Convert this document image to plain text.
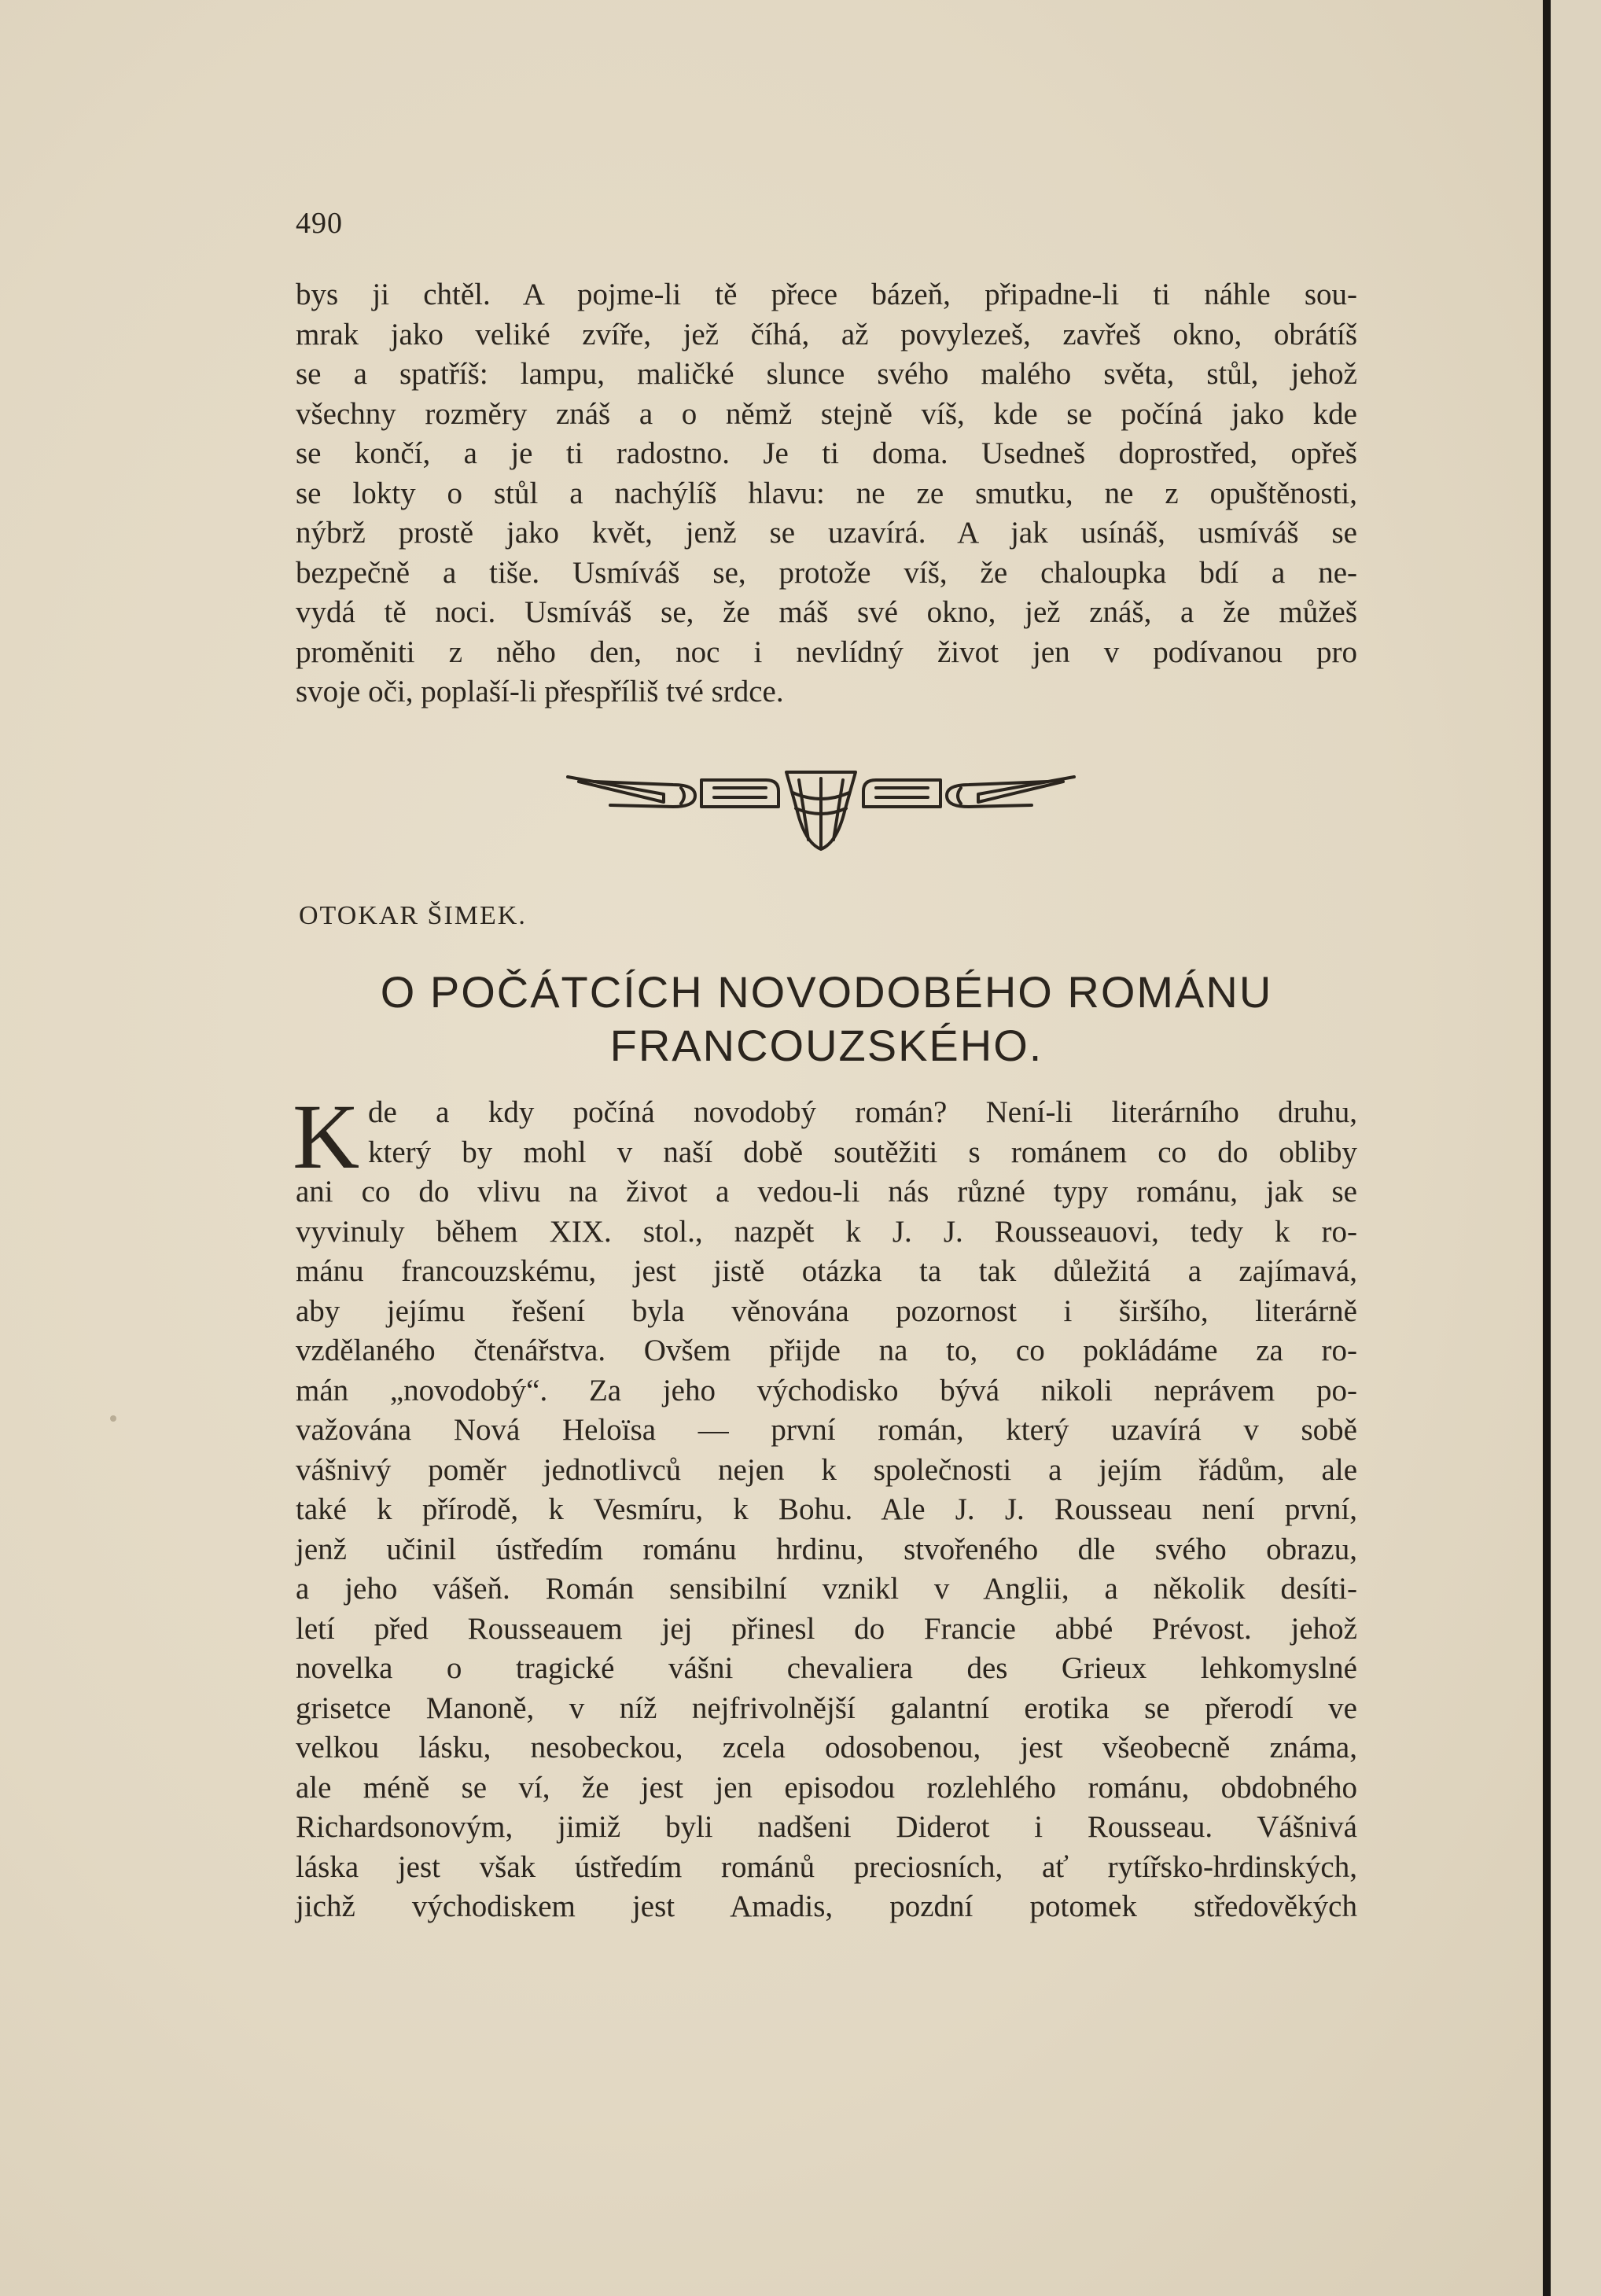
490
bys ji chtěl. A pojme-li tě přece bázeň, připadne-li ti náhle sou-
mrak jako veliké zvíře, jež číhá, až povylezeš, zavřeš okno, obrátíš
se a spatříš: lampu, maličké slunce svého malého světa, stůl, jehož
všechny rozměry znáš a o němž stejně víš, kde se počíná jako kde
se končí, a je ti radostno. Je ti doma. Usedneš doprostřed, opřeš
se lokty o stůl a nachýlíš hlavu: ne ze smutku, ne z opuštěnosti,
nýbrž prostě jako květ, jenž se uzavírá. A jak usínáš, usmíváš se
bezpečně a tiše. Usmíváš se, protože víš, že chaloupka bdí a ne-
vydá tě noci. Usmíváš se, že máš své okno, jež znáš, a že můžeš
proměniti z něho den, noc i nevlídný život jen v podívanou pro
svoje oči, poplaší-li přespříliš tvé srdce.
OTOKAR ŠIMEK.
O POČÁTCÍCH NOVODOBÉHO ROMÁNU
FRANCOUZSKÉHO.
K de a kdy počíná novodobý román? Není-li literárního druhu,
který by mohl v naší době soutěžiti s románem co do obliby
ani co do vlivu na život a vedou-li nás různé typy románu, jak se
vyvinuly během XIX. stol., nazpět k J. J. Rousseauovi, tedy k ro-
mánu francouzskému, jest jistě otázka ta tak důležitá a zajímavá,
aby jejímu řešení byla věnována pozornost i širšího, literárně
vzdělaného čtenářstva. Ovšem přijde na to, co pokládáme za ro-
mán „novodobý“. Za jeho východisko bývá nikoli neprávem po-
važována Nová Heloïsa — první román, který uzavírá v sobě
vášnivý poměr jednotlivců nejen k společnosti a jejím řádům, ale
také k přírodě, k Vesmíru, k Bohu. Ale J. J. Rousseau není první,
jenž učinil ústředím románu hrdinu, stvořeného dle svého obrazu,
a jeho vášeň. Román sensibilní vznikl v Anglii, a několik desíti-
letí před Rousseauem jej přinesl do Francie abbé Prévost. jehož
novelka o tragické vášni chevaliera des Grieux lehkomyslné
grisetce Manoně, v níž nejfrivolnější galantní erotika se přerodí ve
velkou lásku, nesobeckou, zcela odosobenou, jest všeobecně známa,
ale méně se ví, že jest jen episodou rozlehlého románu, obdobného
Richardsonovým, jimiž byli nadšeni Diderot i Rousseau. Vášnivá
láska jest však ústředím románů preciosních, ať rytířsko-hrdinských,
jichž východiskem jest Amadis, pozdní potomek středověkých
